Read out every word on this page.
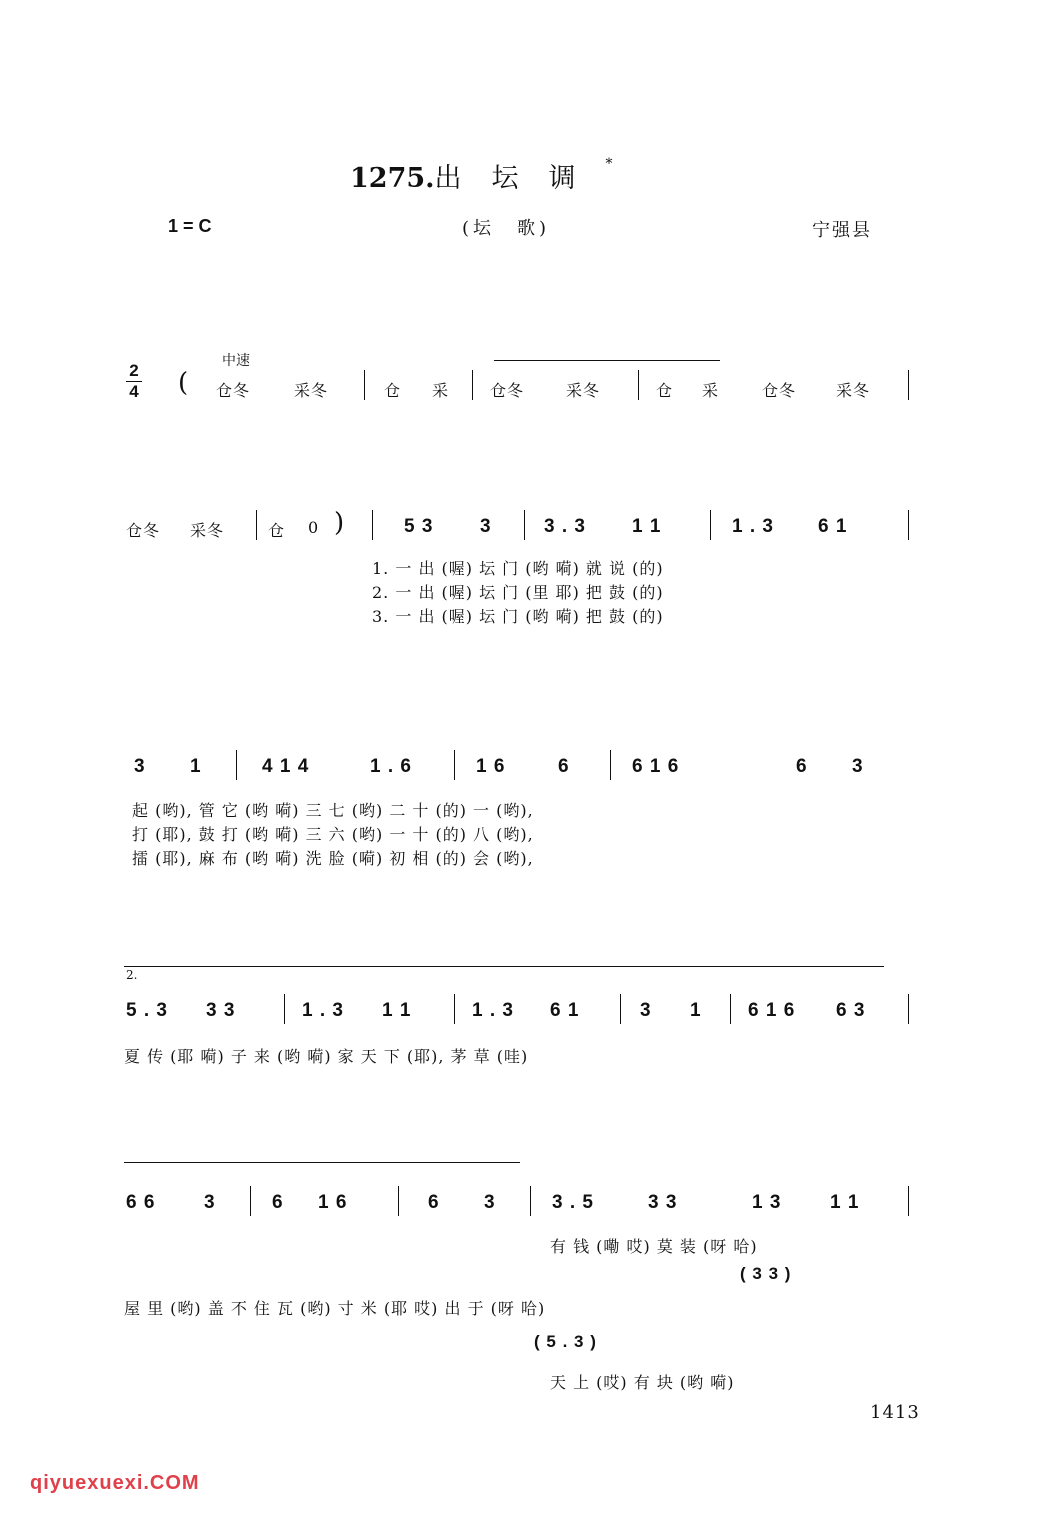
1275.出坛调*
1 = C	(坛　歌)	宁强县
中速
2
4 ( 仓冬	采冬	仓 采	仓冬	采冬	仓 采	仓冬 采冬
仓冬 采冬	仓 0 )	5 3 3	3 . 3 1 1	1 . 3 6 1
1. 一 出 (喔) 坛 门 (哟 嗬) 就 说 (的)
2. 一 出 (喔) 坛 门 (里 耶) 把 鼓 (的)
3. 一 出 (喔) 坛 门 (哟 嗬) 把 鼓 (的)
3 1	4 1 4	1 . 6	1 6	6	6 1 6	6 3
起 (哟), 管 它 (哟 嗬) 三 七 (哟) 二 十 (的) 一 (哟),
打 (耶), 鼓 打 (哟 嗬) 三 六 (哟) 一 十 (的) 八 (哟),
擂 (耶), 麻 布 (哟 嗬) 洗 脸 (嗬) 初 相 (的) 会 (哟),
2.
5 . 3 3 3	1 . 3 1 1	1 . 3 6 1	3 1 6 1 6 6 3
夏 传 (耶 嗬) 子 来 (哟 嗬) 家 天 下 (耶), 茅 草 (哇)
6 6	3	6 1 6	6 3	3 . 5	3 3	1 3	1 1
有 钱 (嘞 哎) 莫 装 (呀 哈)
( 3 3 )
屋 里 (哟) 盖 不 住 瓦 (哟) 寸 米 (耶 哎) 出 于 (呀 哈)
( 5 . 3 )
天 上 (哎) 有 块 (哟 嗬)
1413
qiyuexuexi.COM
